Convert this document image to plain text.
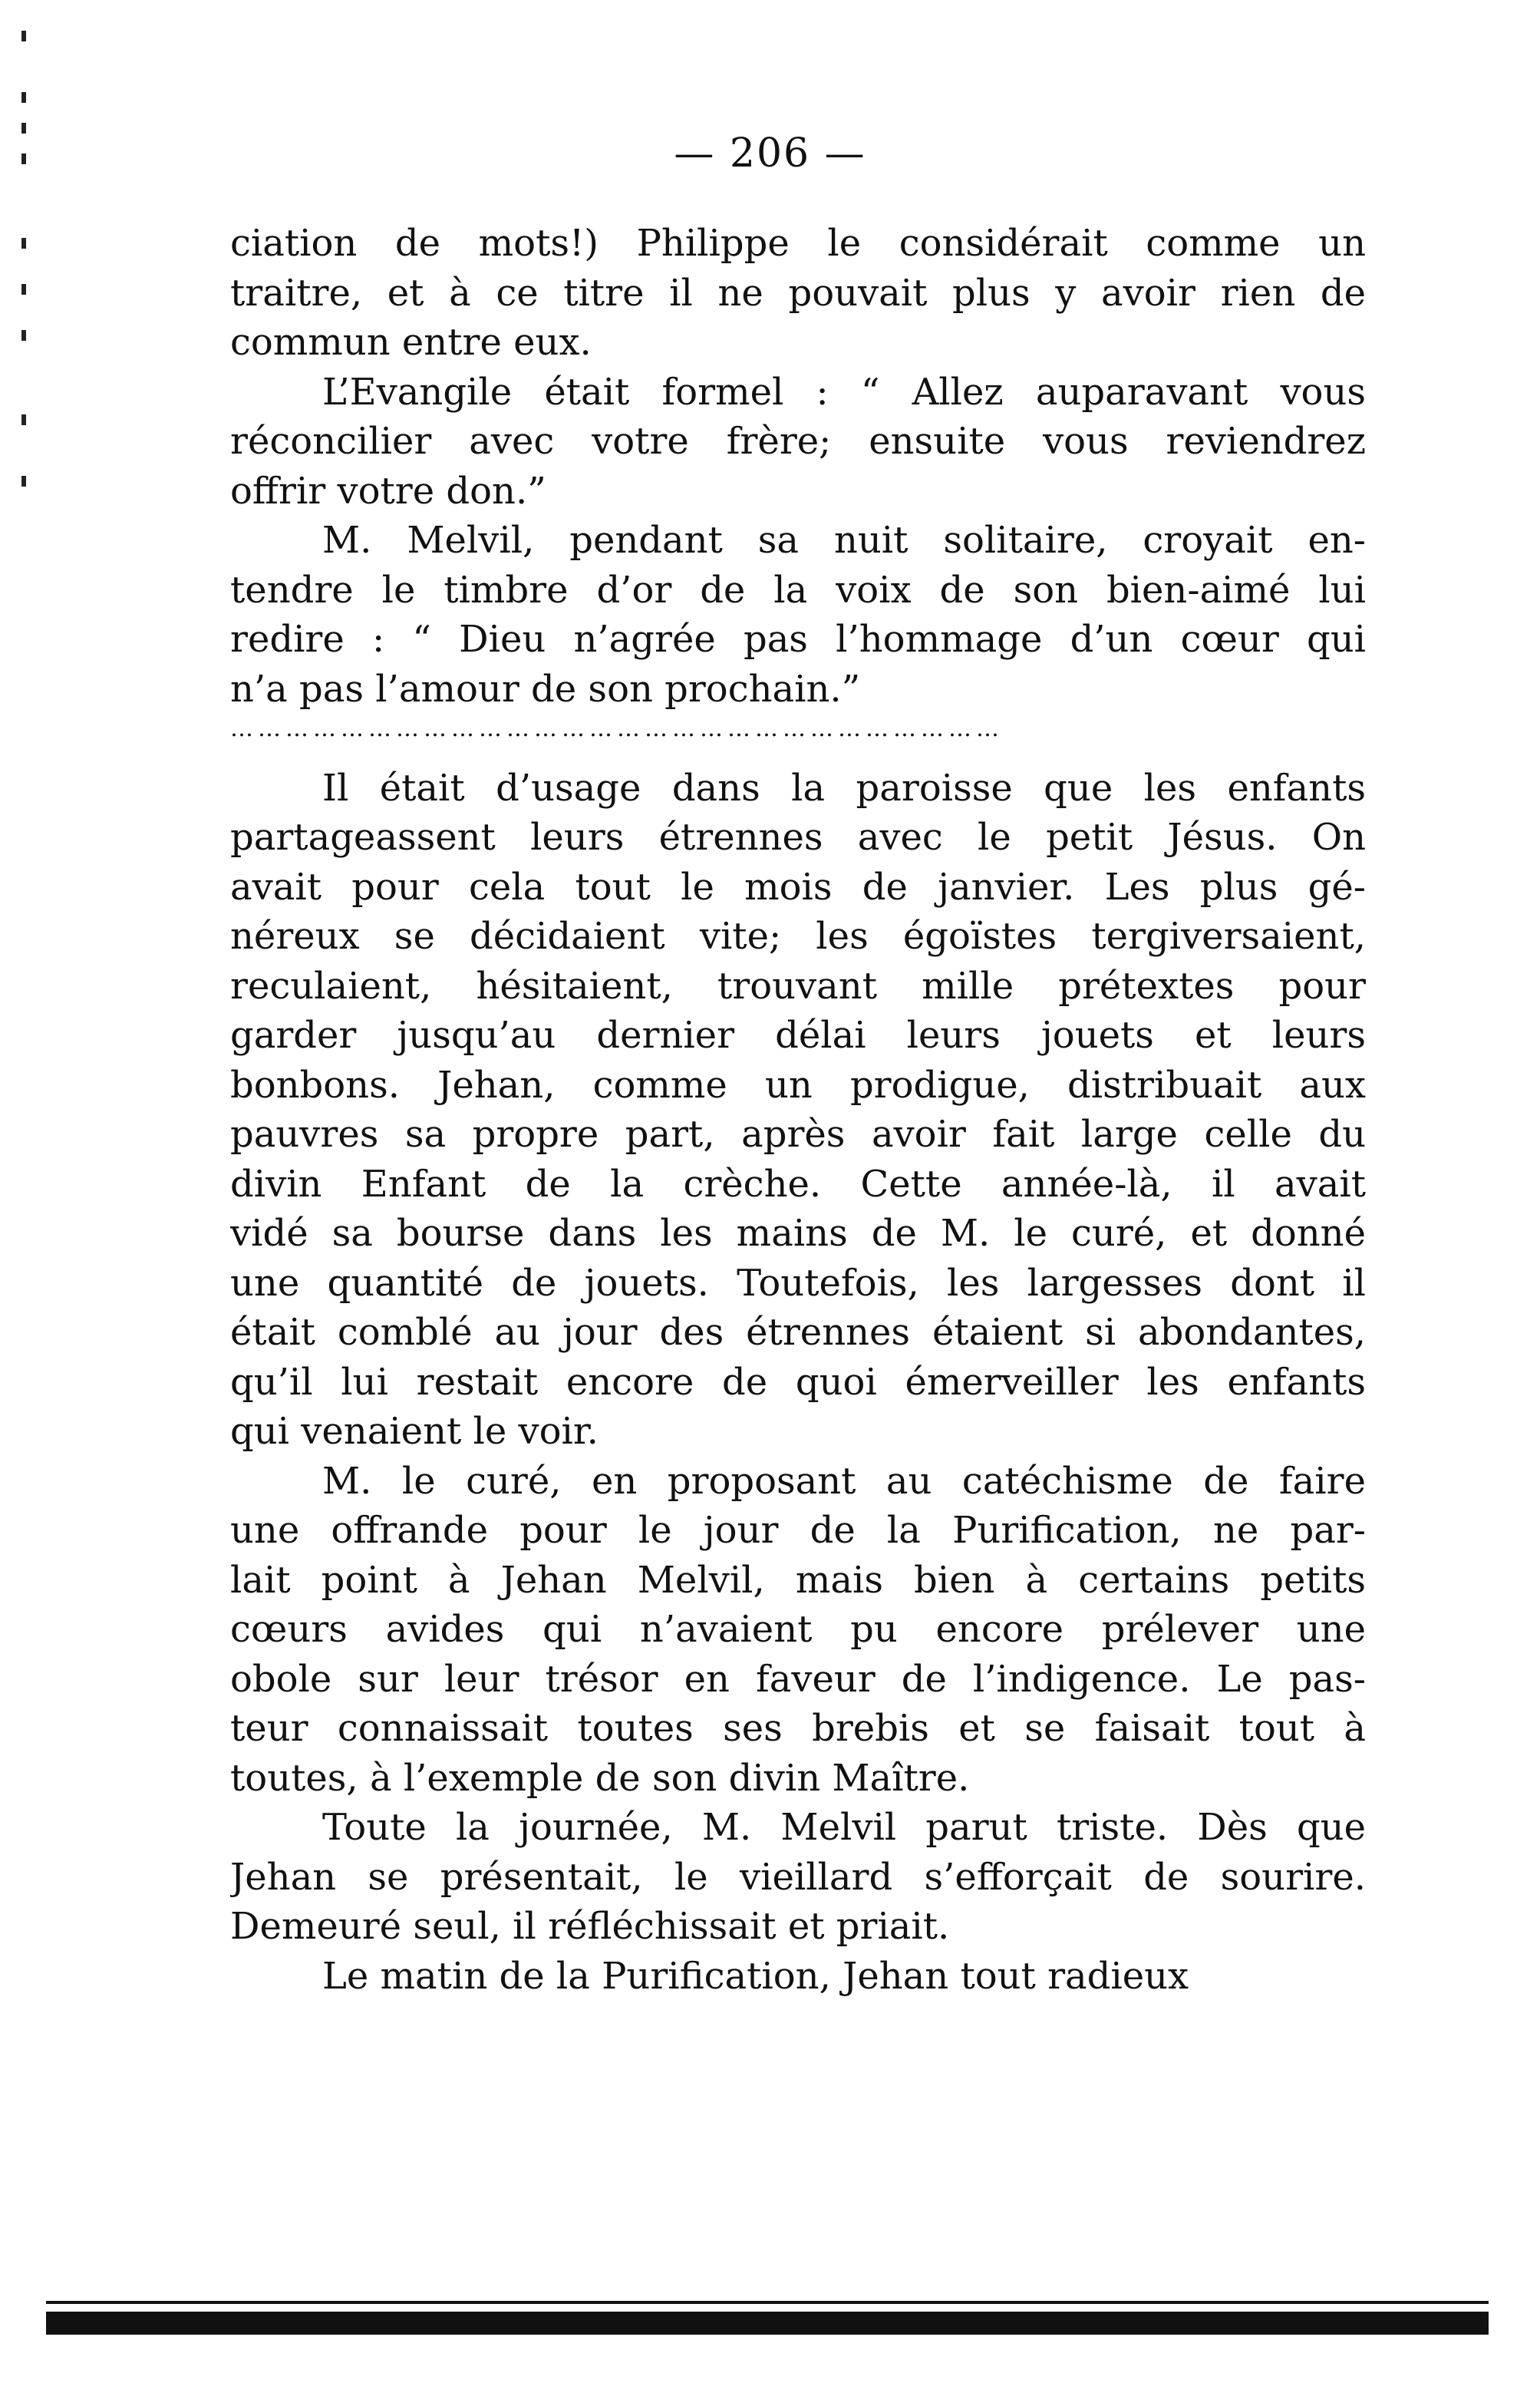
— 206 —
ciation de mots!) Philippe le considérait comme un
traitre, et à ce titre il ne pouvait plus y avoir rien de
commun entre eux.
L’Evangile était formel : “ Allez auparavant vous
réconcilier avec votre frère; ensuite vous reviendrez
offrir votre don.”
M. Melvil, pendant sa nuit solitaire, croyait en-
tendre le timbre d’or de la voix de son bien-aimé lui
redire : “ Dieu n’agrée pas l’hommage d’un cœur qui
n’a pas l’amour de son prochain.”
…………………………………………………………………………
Il était d’usage dans la paroisse que les enfants
partageassent leurs étrennes avec le petit Jésus. On
avait pour cela tout le mois de janvier. Les plus gé-
néreux se décidaient vite; les égoïstes tergiversaient,
reculaient, hésitaient, trouvant mille prétextes pour
garder jusqu’au dernier délai leurs jouets et leurs
bonbons. Jehan, comme un prodigue, distribuait aux
pauvres sa propre part, après avoir fait large celle du
divin Enfant de la crèche. Cette année-là, il avait
vidé sa bourse dans les mains de M. le curé, et donné
une quantité de jouets. Toutefois, les largesses dont il
était comblé au jour des étrennes étaient si abondantes,
qu’il lui restait encore de quoi émerveiller les enfants
qui venaient le voir.
M. le curé, en proposant au catéchisme de faire
une offrande pour le jour de la Purification, ne par-
lait point à Jehan Melvil, mais bien à certains petits
cœurs avides qui n’avaient pu encore prélever une
obole sur leur trésor en faveur de l’indigence. Le pas-
teur connaissait toutes ses brebis et se faisait tout à
toutes, à l’exemple de son divin Maître.
Toute la journée, M. Melvil parut triste. Dès que
Jehan se présentait, le vieillard s’efforçait de sourire.
Demeuré seul, il réfléchissait et priait.
Le matin de la Purification, Jehan tout radieux
